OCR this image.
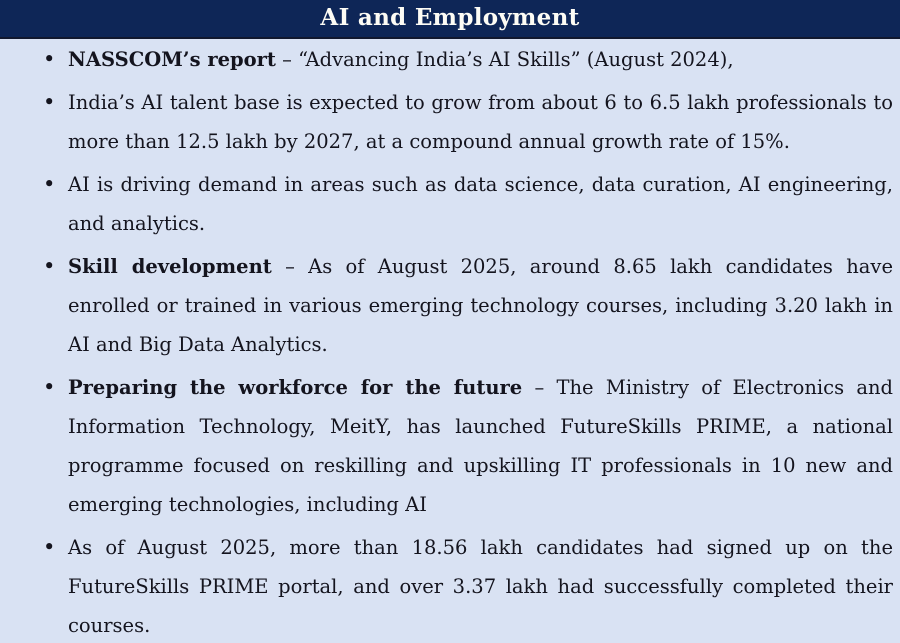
AI and Employment
• NASSCOM’s report – “Advancing India’s AI Skills” (August 2024),
• India’s AI talent base is expected to grow from about 6 to 6.5 lakh professionals to more than 12.5 lakh by 2027, at a compound annual growth rate of 15%.
• AI is driving demand in areas such as data science, data curation, AI engineering, and analytics.
• Skill development – As of August 2025, around 8.65 lakh candidates have enrolled or trained in various emerging technology courses, including 3.20 lakh in AI and Big Data Analytics.
• Preparing the workforce for the future – The Ministry of Electronics and Information Technology, MeitY, has launched FutureSkills PRIME, a national programme focused on reskilling and upskilling IT professionals in 10 new and emerging technologies, including AI
• As of August 2025, more than 18.56 lakh candidates had signed up on the FutureSkills PRIME portal, and over 3.37 lakh had successfully completed their courses.
